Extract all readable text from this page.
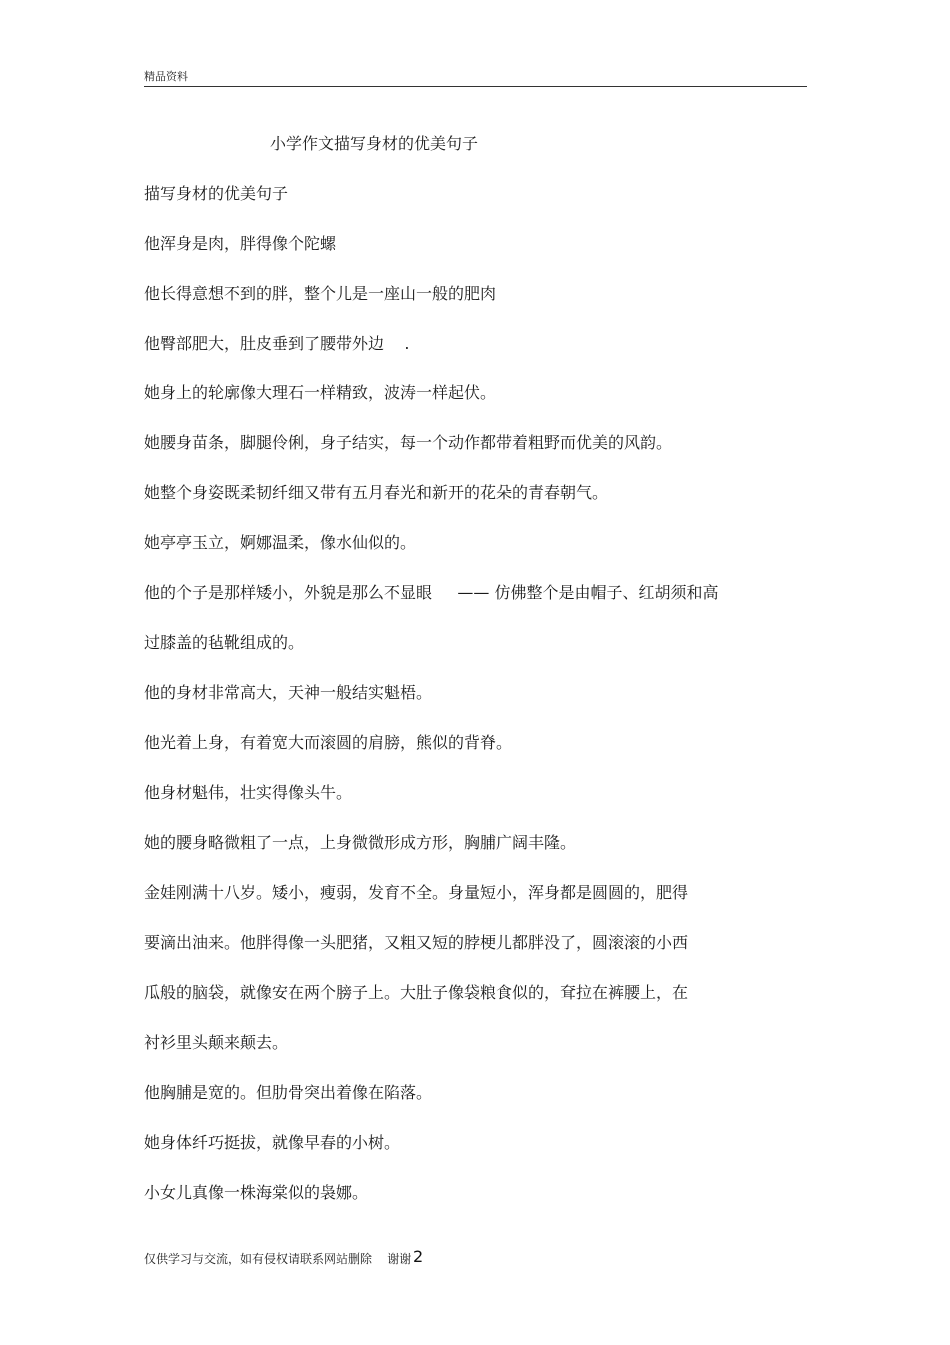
精品资料
小学作文描写身材的优美句子
描写身材的优美句子
他浑身是肉，胖得像个陀螺
他长得意想不到的胖，整个儿是一座山一般的肥肉
他臀部肥大，肚皮垂到了腰带外边    .
她身上的轮廓像大理石一样精致，波涛一样起伏。
她腰身苗条，脚腿伶俐，身子结实，每一个动作都带着粗野而优美的风韵。
她整个身姿既柔韧纤细又带有五月春光和新开的花朵的青春朝气。
她亭亭玉立，婀娜温柔，像水仙似的。
他的个子是那样矮小，外貌是那么不显眼     —— 仿佛整个是由帽子、红胡须和高
过膝盖的毡靴组成的。
他的身材非常高大，天神一般结实魁梧。
他光着上身，有着宽大而滚圆的肩膀，熊似的背脊。
他身材魁伟，壮实得像头牛。
她的腰身略微粗了一点，上身微微形成方形，胸脯广阔丰隆。
金娃刚满十八岁。矮小，瘦弱，发育不全。身量短小，浑身都是圆圆的，肥得
要滴出油来。他胖得像一头肥猪，又粗又短的脖梗儿都胖没了，圆滚滚的小西
瓜般的脑袋，就像安在两个膀子上。大肚子像袋粮食似的，耷拉在裤腰上，在
衬衫里头颠来颠去。
他胸脯是宽的。但肋骨突出着像在陷落。
她身体纤巧挺拔，就像早春的小树。
小女儿真像一株海棠似的袅娜。
仅供学习与交流，如有侵权请联系网站删除    谢谢 2
